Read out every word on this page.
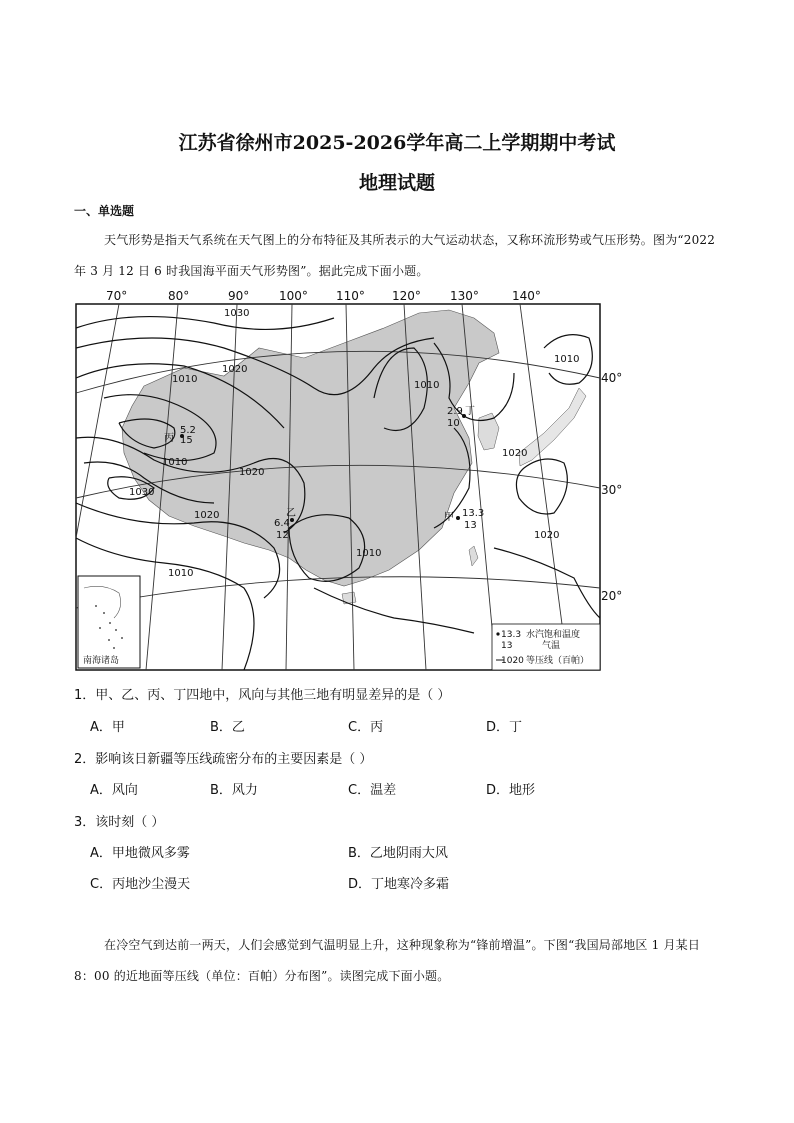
江苏省徐州市2025-2026学年高二上学期期中考试
地理试题
一、单选题
天气形势是指天气系统在天气图上的分布特征及其所表示的大气运动状态，又称环流形势或气压形势。图为“2022 年 3 月 12 日 6 时我国海平面天气形势图”。据此完成下面小题。
70°	80°	90° 100° 110° 120° 130°	140°
1030
1020
1010
1010
1020
1030
1020
1010
1010
1020
1010
1010
1020
40°
30°
20°
2.9 丁
10
5.2
丙 15
6.4
乙
12
甲 13.3
13
南海诸岛
13.3
13
水汽饱和温度
气温
1020 等压线（百帕）
1．甲、乙、丙、丁四地中，风向与其他三地有明显差异的是（ ）
A．甲	B．乙	C．丙	D．丁
2．影响该日新疆等压线疏密分布的主要因素是（ ）
A．风向	B．风力	C．温差	D．地形
3．该时刻（ ）
A．甲地微风多雾	B．乙地阴雨大风
C．丙地沙尘漫天	D．丁地寒冷多霜
在冷空气到达前一两天，人们会感觉到气温明显上升，这种现象称为“锋前增温”。下图“我国局部地区 1 月某日 8：00 的近地面等压线（单位：百帕）分布图”。读图完成下面小题。
